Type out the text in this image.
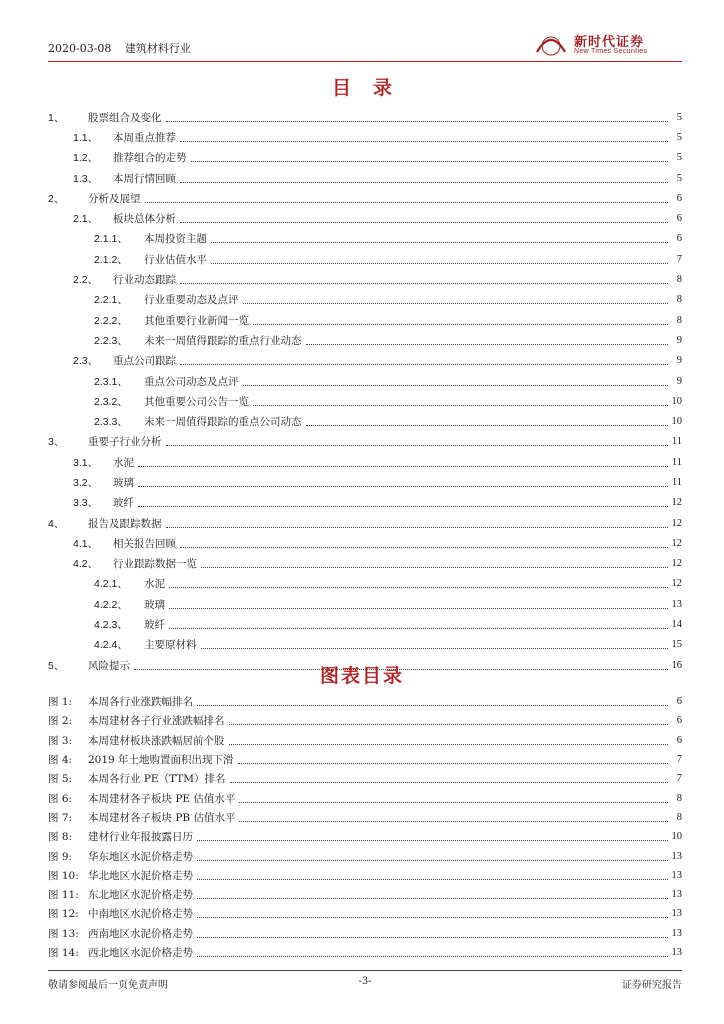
2020-03-08 建筑材料行业	新时代证券
New Times Securities
目录
1、	股票组合及变化	5
1.1、	本周重点推荐	5
1.2、	推荐组合的走势	5
1.3、	本周行情回顾	5
2、	分析及展望	6
2.1、	板块总体分析	6
2.1.1、	本周投资主题	6
2.1.2、	行业估值水平	7
2.2、	行业动态跟踪	8
2.2.1、	行业重要动态及点评	8
2.2.2、	其他重要行业新闻一览	8
2.2.3、	未来一周值得跟踪的重点行业动态	9
2.3、	重点公司跟踪	9
2.3.1、	重点公司动态及点评	9
2.3.2、	其他重要公司公告一览	10
2.3.3、	未来一周值得跟踪的重点公司动态	10
3、	重要子行业分析	11
3.1、	水泥	11
3.2、	玻璃	11
3.3、	玻纤	12
4、	报告及跟踪数据	12
4.1、	相关报告回顾	12
4.2、	行业跟踪数据一览	12
4.2.1、	水泥	12
4.2.2、	玻璃	13
4.2.3、	玻纤	14
4.2.4、	主要原材料	15
5、	风险提示	16
图表目录
图 1:	本周各行业涨跌幅排名	6
图 2:	本周建材各子行业涨跌幅排名	6
图 3:	本周建材板块涨跌幅居前个股	6
图 4:	2019 年土地购置面积出现下滑	7
图 5:	本周各行业 PE（TTM）排名	7
图 6:	本周建材各子板块 PE 估值水平	8
图 7:	本周建材各子板块 PB 估值水平	8
图 8:	建材行业年报披露日历	10
图 9:	华东地区水泥价格走势	13
图 10: 华北地区水泥价格走势	13
图 11: 东北地区水泥价格走势	13
图 12: 中南地区水泥价格走势	13
图 13: 西南地区水泥价格走势	13
图 14: 西北地区水泥价格走势	13
敬请参阅最后一页免责声明	-3-	证券研究报告
